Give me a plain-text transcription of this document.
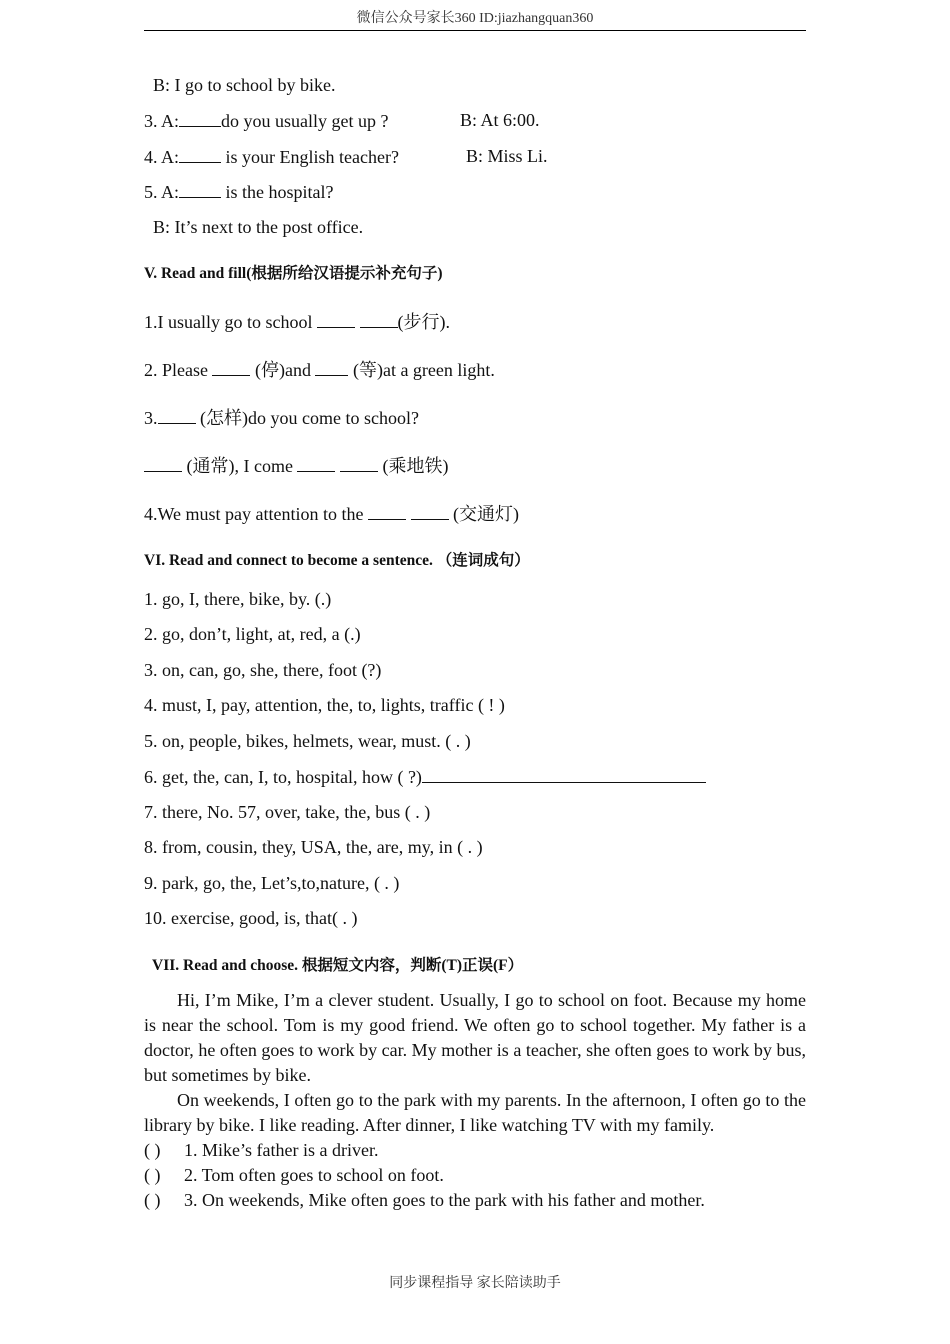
微信公众号家长360 ID:jiazhangquan360
B: I go to school by bike.
3. A: do you usually get up ?	B: At 6:00.
4. A: is your English teacher?	B: Miss Li.
5. A: is the hospital?
B: It’s next to the post office.
V. Read and fill(根据所给汉语提示补充句子)
1.I usually go to school	(步行).
2. Please  (停)and  (等)at a green light.
3. (怎样)do you come to school?
(通常), I come	(乘地铁)
4.We must pay attention to the	(交通灯)
VI. Read and connect to become a sentence. （连词成句）
1. go, I, there, bike, by. (.)
2. go, don’t, light, at, red, a (.)
3. on, can, go, she, there, foot (?)
4. must, I, pay, attention, the, to, lights, traffic ( ! )
5. on, people, bikes, helmets, wear, must. ( . )
6. get, the, can, I, to, hospital, how ( ?)
7. there, No. 57, over, take, the, bus ( . )
8. from, cousin, they, USA, the, are, my, in ( . )
9. park, go, the, Let’s,to,nature, ( . )
10. exercise, good, is, that( . )
VII. Read and choose. 根据短文内容，判断(T)正误(F）

Hi, I’m Mike, I’m a clever student. Usually, I go to school on foot. Because my home is near the school. Tom is my good friend. We often go to school together. My father is a doctor, he often goes to work by car. My mother is a teacher, she often goes to work by bus, but sometimes by bike.

On weekends, I often go to the park with my parents. In the afternoon, I often go to the library by bike. I like reading. After dinner, I like watching TV with my family.

( ) 1. Mike’s father is a driver.
( ) 2. Tom often goes to school on foot.
( ) 3. On weekends, Mike often goes to the park with his father and mother.
同步课程指导 家长陪读助手
